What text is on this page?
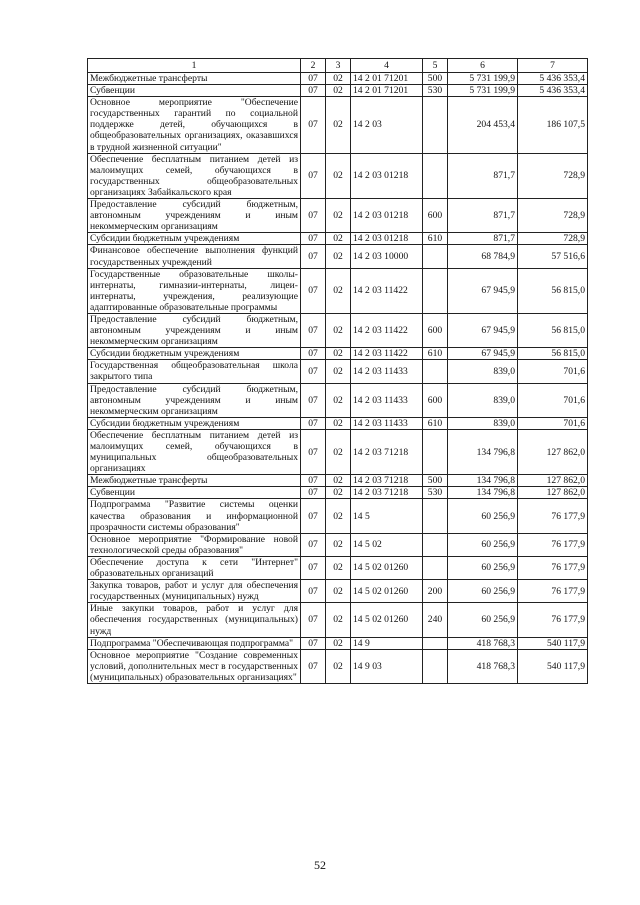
1	2	3	4	5	6	7
Межбюджетные трансферты	07	02	14 2 01 71201	500	5 731 199,9	5 436 353,4
Субвенции	07	02	14 2 01 71201	530	5 731 199,9	5 436 353,4
Основное мероприятие "Обеспечение государственных гарантий по социальной поддержке детей, обучающихся в общеобразовательных организациях, оказавшихся в трудной жизненной ситуации"	07	02	14 2 03		204 453,4	186 107,5
Обеспечение бесплатным питанием детей из малоимущих семей, обучающихся в государственных общеобразовательных организациях Забайкальского края	07	02	14 2 03 01218		871,7	728,9
Предоставление субсидий бюджетным, автономным учреждениям и иным некоммерческим организациям	07	02	14 2 03 01218	600	871,7	728,9
Субсидии бюджетным учреждениям	07	02	14 2 03 01218	610	871,7	728,9
Финансовое обеспечение выполнения функций государственных учреждений	07	02	14 2 03 10000		68 784,9	57 516,6
Государственные образовательные школы-интернаты, гимназии-интернаты, лицеи-интернаты, учреждения, реализующие адаптированные образовательные программы	07	02	14 2 03 11422		67 945,9	56 815,0
Предоставление субсидий бюджетным, автономным учреждениям и иным некоммерческим организациям	07	02	14 2 03 11422	600	67 945,9	56 815,0
Субсидии бюджетным учреждениям	07	02	14 2 03 11422	610	67 945,9	56 815,0
Государственная общеобразовательная школа закрытого типа	07	02	14 2 03 11433		839,0	701,6
Предоставление субсидий бюджетным, автономным учреждениям и иным некоммерческим организациям	07	02	14 2 03 11433	600	839,0	701,6
Субсидии бюджетным учреждениям	07	02	14 2 03 11433	610	839,0	701,6
Обеспечение бесплатным питанием детей из малоимущих семей, обучающихся в муниципальных общеобразовательных организациях	07	02	14 2 03 71218		134 796,8	127 862,0
Межбюджетные трансферты	07	02	14 2 03 71218	500	134 796,8	127 862,0
Субвенции	07	02	14 2 03 71218	530	134 796,8	127 862,0
Подпрограмма "Развитие системы оценки качества образования и информационной прозрачности системы образования"	07	02	14 5		60 256,9	76 177,9
Основное мероприятие "Формирование новой технологической среды образования"	07	02	14 5 02		60 256,9	76 177,9
Обеспечение доступа к сети "Интернет" образовательных организаций	07	02	14 5 02 01260		60 256,9	76 177,9
Закупка товаров, работ и услуг для обеспечения государственных (муниципальных) нужд	07	02	14 5 02 01260	200	60 256,9	76 177,9
Иные закупки товаров, работ и услуг для обеспечения государственных (муниципальных) нужд	07	02	14 5 02 01260	240	60 256,9	76 177,9
Подпрограмма "Обеспечивающая подпрограмма"	07	02	14 9		418 768,3	540 117,9
Основное мероприятие "Создание современных условий, дополнительных мест в государственных (муниципальных) образовательных организациях"	07	02	14 9 03		418 768,3	540 117,9
52
